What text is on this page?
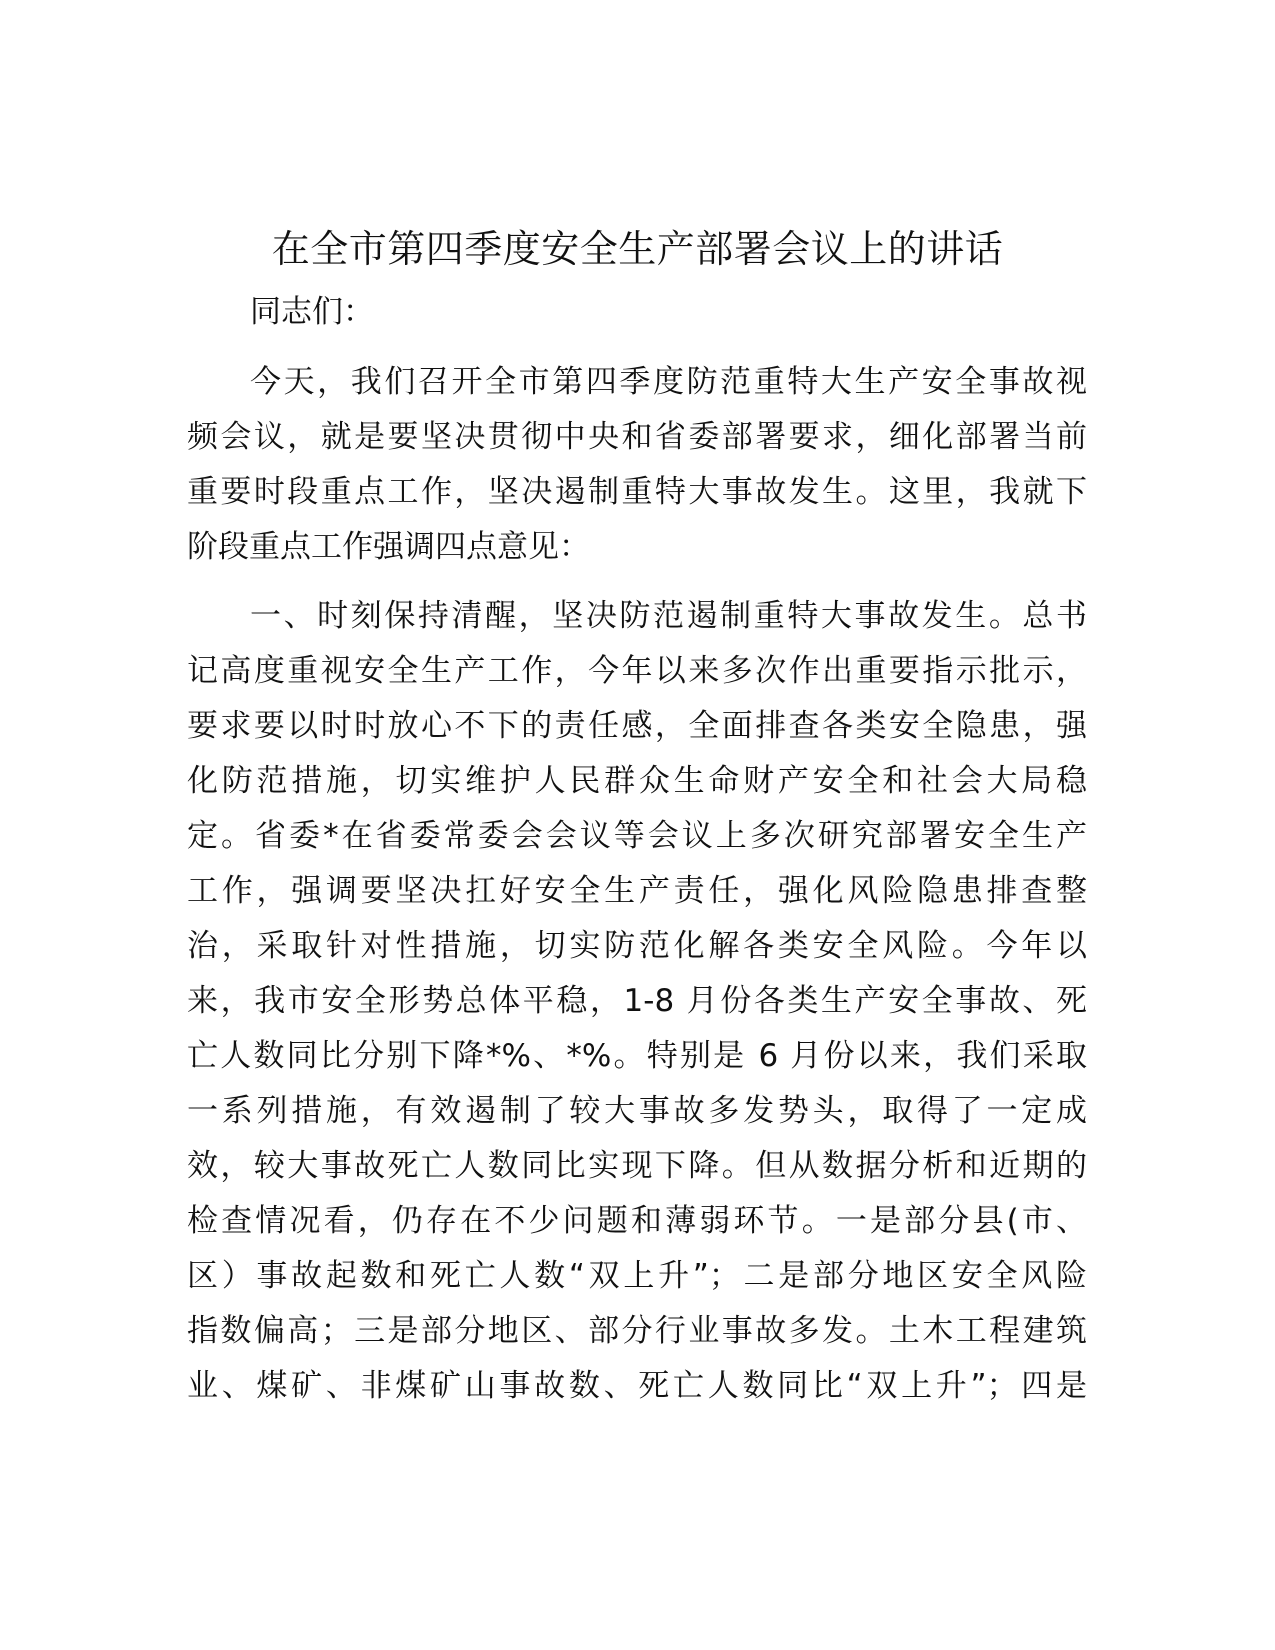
在全市第四季度安全生产部署会议上的讲话

同志们：

今天，我们召开全市第四季度防范重特大生产安全事故视

频会议，就是要坚决贯彻中央和省委部署要求，细化部署当前

重要时段重点工作，坚决遏制重特大事故发生。这里，我就下

阶段重点工作强调四点意见：

一、时刻保持清醒，坚决防范遏制重特大事故发生。总书

记高度重视安全生产工作，今年以来多次作出重要指示批示，

要求要以时时放心不下的责任感，全面排查各类安全隐患，强

化防范措施，切实维护人民群众生命财产安全和社会大局稳

定。省委*在省委常委会会议等会议上多次研究部署安全生产

工作，强调要坚决扛好安全生产责任，强化风险隐患排查整

治，采取针对性措施，切实防范化解各类安全风险。今年以

来，我市安全形势总体平稳，1-8 月份各类生产安全事故、死

亡人数同比分别下降*%、*%。特别是 6 月份以来，我们采取

一系列措施，有效遏制了较大事故多发势头，取得了一定成

效，较大事故死亡人数同比实现下降。但从数据分析和近期的

检查情况看，仍存在不少问题和薄弱环节。一是部分县(市、

区）事故起数和死亡人数“双上升”；二是部分地区安全风险

指数偏高；三是部分地区、部分行业事故多发。土木工程建筑

业、煤矿、非煤矿山事故数、死亡人数同比“双上升”；四是
